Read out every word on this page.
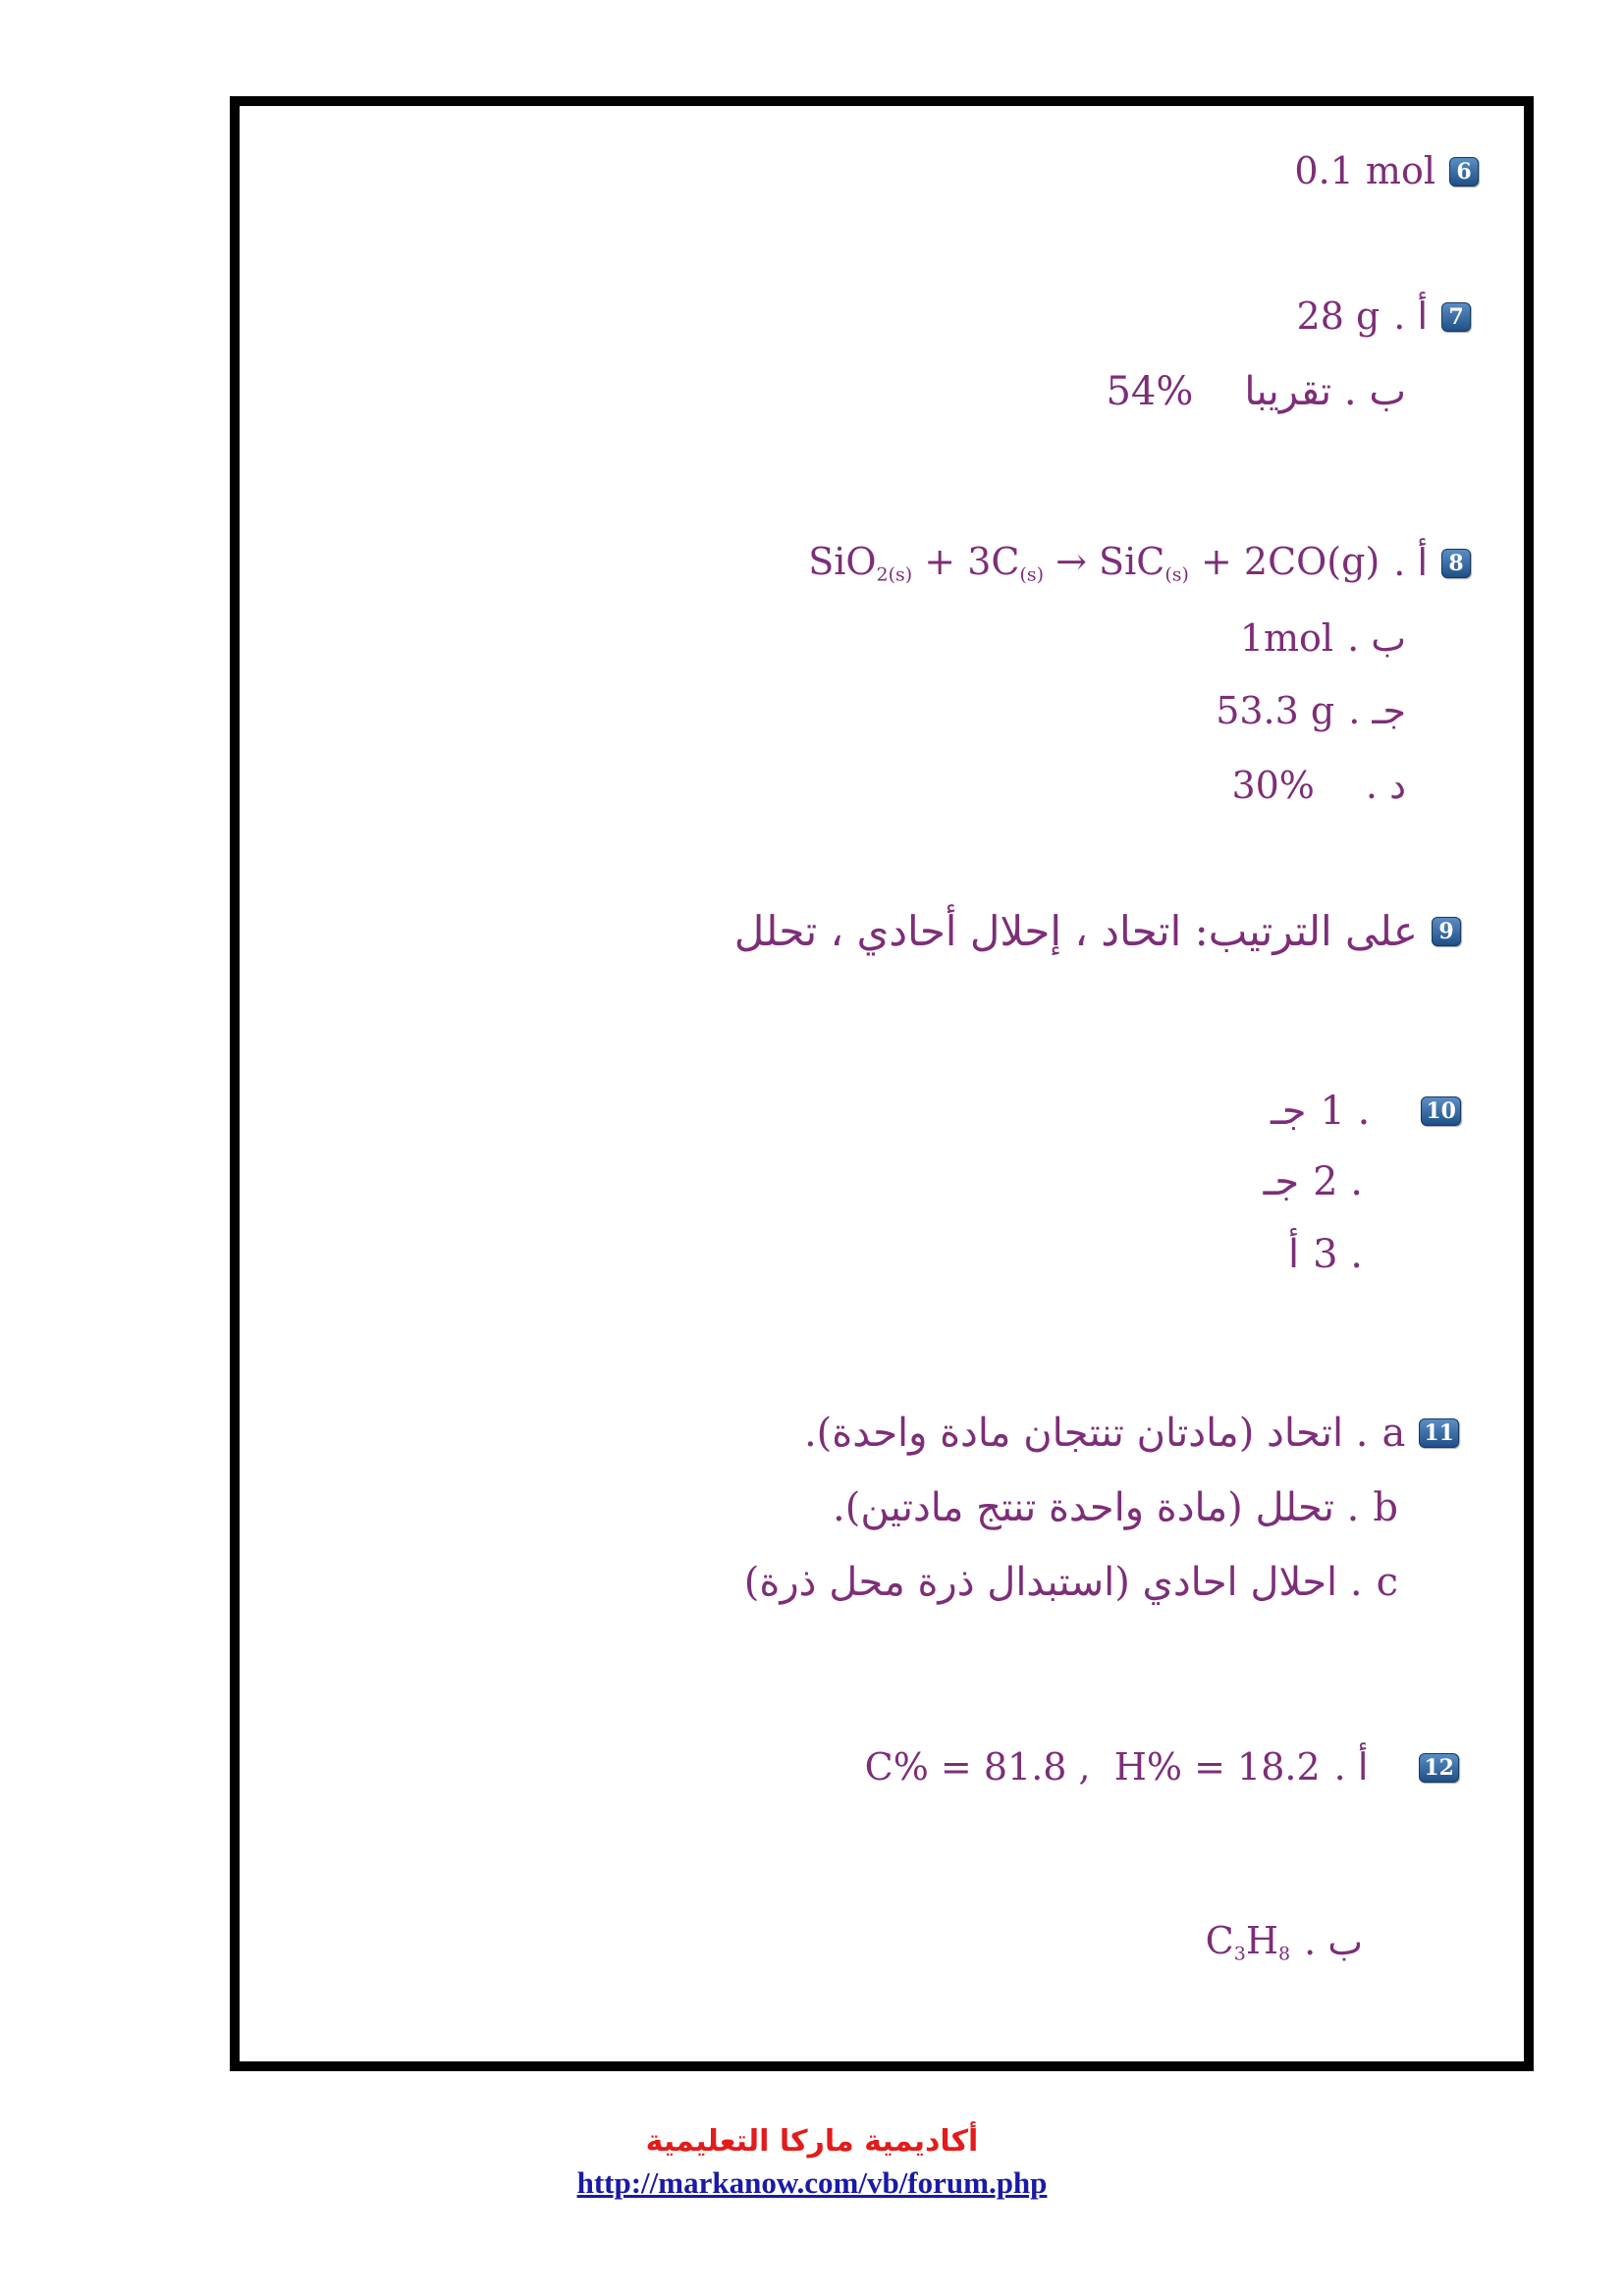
6
0.1 mol
7
أ .
28 g
ب . تقريبا
54%
8
أ .
$SiO_{2(s)} + 3C_{(s)} \to SiC_{(s)} + 2CO(g)$
ب .
1mol
جـ .
53.3 g
د .
30%
9
على الترتيب: اتحاد ، إحلال أحادي ، تحلل
10
1 .
جـ
2 .
جـ
3 .
أ
11
a
. اتحاد (مادتان تنتجان مادة واحدة).
b
. تحلل (مادة واحدة تنتج مادتين).
c
. احلال احادي (استبدال ذرة محل ذرة)
12
أ .
C% = 81.8 ,  H% = 18.2
ب .
$C_3H_8$
أكاديمية ماركا التعليمية
http://markanow.com/vb/forum.php
